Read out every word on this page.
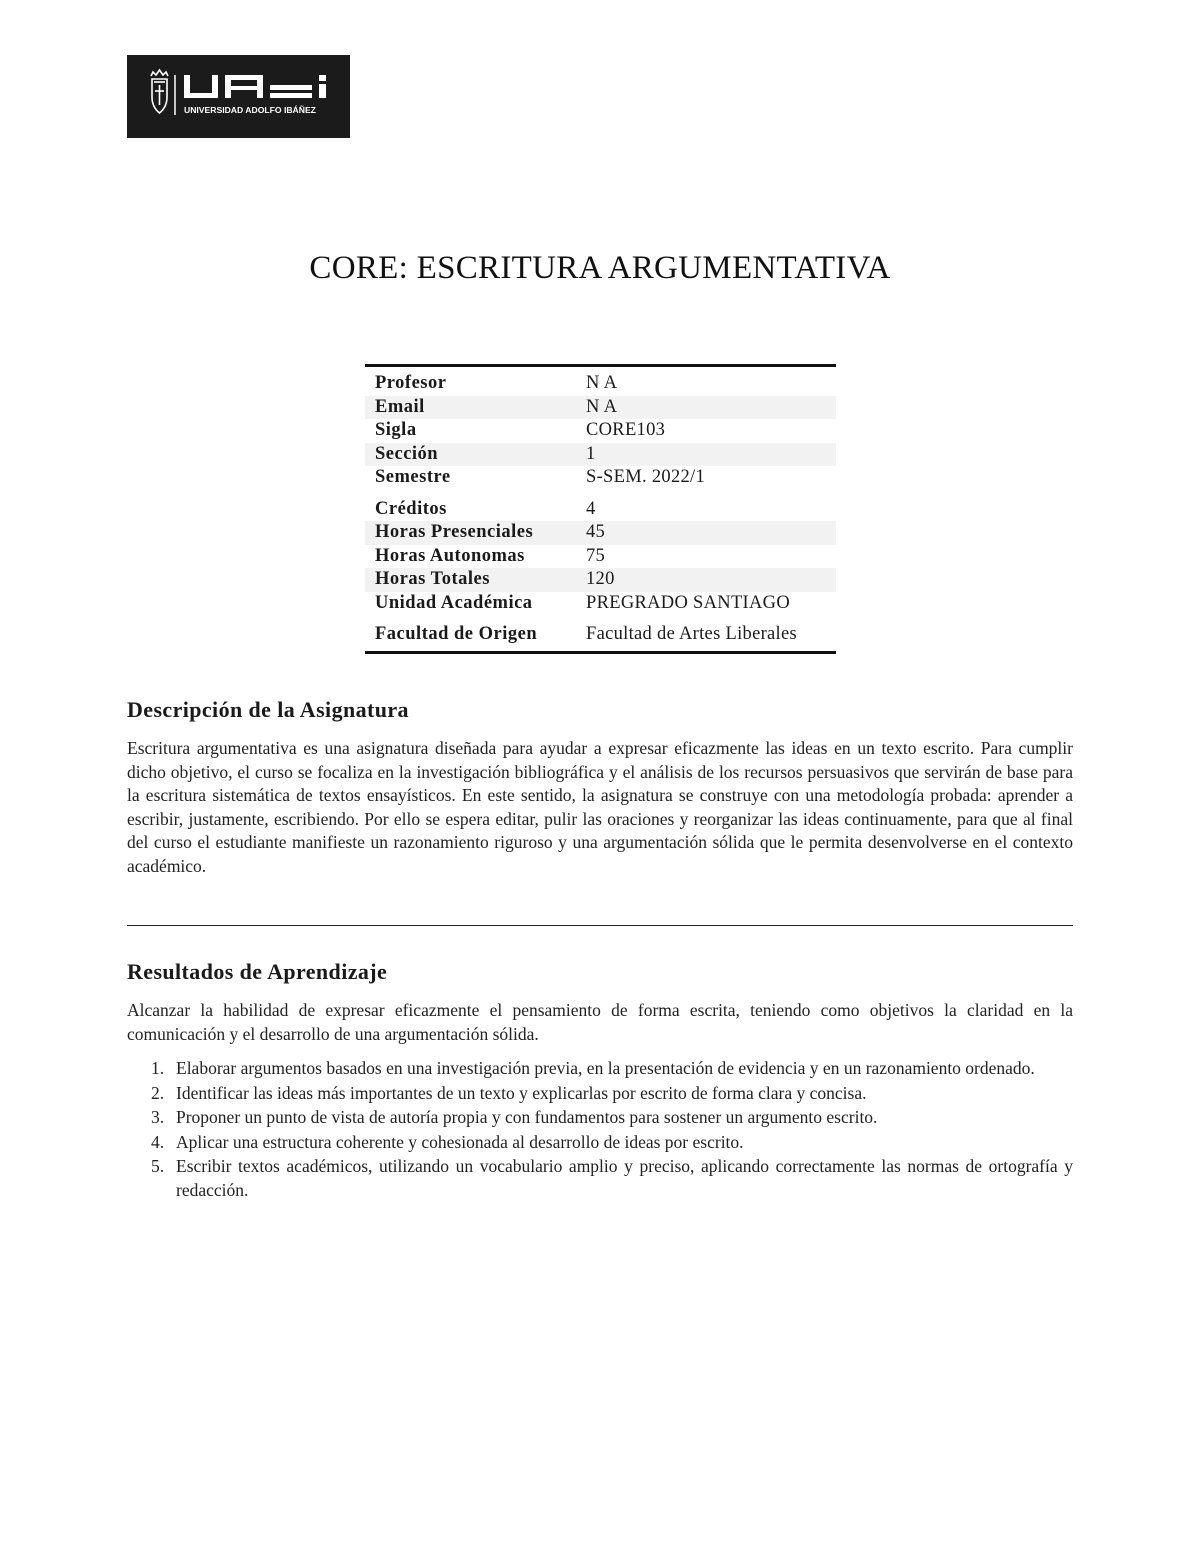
UNIVERSIDAD ADOLFO IBÁÑEZ
CORE: ESCRITURA ARGUMENTATIVA
Profesor	N A
Email	N A
Sigla	CORE103
Sección	1
Semestre	S-SEM. 2022/1
Créditos	4
Horas Presenciales	45
Horas Autonomas	75
Horas Totales	120
Unidad Académica	PREGRADO SANTIAGO
Facultad de Origen	Facultad de Artes Liberales
Descripción de la Asignatura
Escritura argumentativa es una asignatura diseñada para ayudar a expresar eficazmente las ideas en un texto escrito. Para cumplir dicho objetivo, el curso se focaliza en la investigación bibliográfica y el análisis de los recursos persuasivos que servirán de base para la escritura sistemática de textos ensayísticos. En este sentido, la asignatura se construye con una metodología probada: aprender a escribir, justamente, escribiendo. Por ello se espera editar, pulir las oraciones y reorganizar las ideas continuamente, para que al final del curso el estudiante manifieste un razonamiento riguroso y una argumentación sólida que le permita desenvolverse en el contexto académico.
Resultados de Aprendizaje
Alcanzar la habilidad de expresar eficazmente el pensamiento de forma escrita, teniendo como objetivos la claridad en la comunicación y el desarrollo de una argumentación sólida.
1. Elaborar argumentos basados en una investigación previa, en la presentación de evidencia y en un razonamiento ordenado.
2. Identificar las ideas más importantes de un texto y explicarlas por escrito de forma clara y concisa.
3. Proponer un punto de vista de autoría propia y con fundamentos para sostener un argumento escrito.
4. Aplicar una estructura coherente y cohesionada al desarrollo de ideas por escrito.
5. Escribir textos académicos, utilizando un vocabulario amplio y preciso, aplicando correctamente las normas de ortografía y redacción.
